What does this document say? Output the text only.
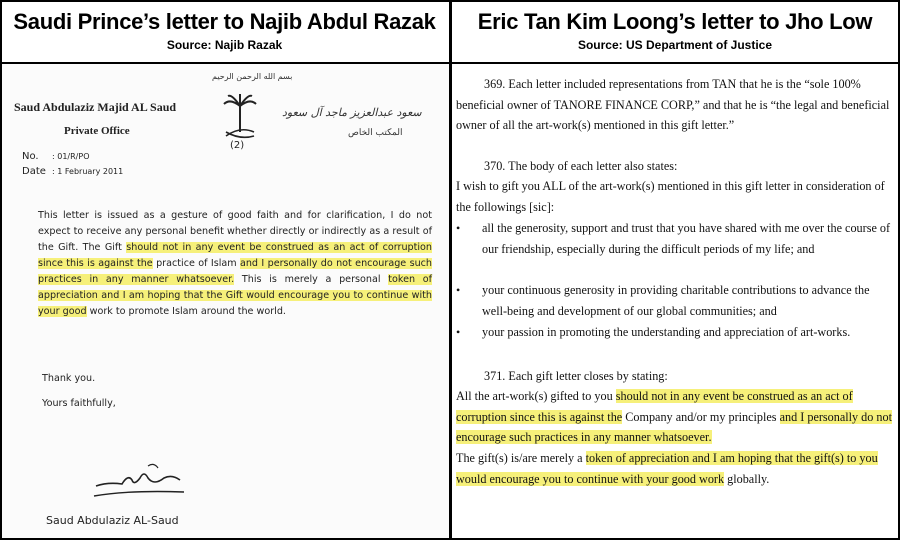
Saudi Prince’s letter to Najib Abdul Razak
Source: Najib Razak
Eric Tan Kim Loong’s letter to Jho Low
Source: US Department of Justice
بسم الله الرحمن الرحيم
Saud Abdulaziz Majid AL Saud
Private Office
(2)
سعود عبدالعزيز ماجد آل سعود
المكتب الخاص
No. : 01/R/PO
Date : 1 February 2011
This letter is issued as a gesture of good faith and for clarification, I do not expect to receive any personal benefit whether directly or indirectly as a result of the Gift. The Gift should not in any event be construed as an act of corruption since this is against the practice of Islam and I personally do not encourage such practices in any manner whatsoever. This is merely a personal token of appreciation and I am hoping that the Gift would encourage you to continue with your good work to promote Islam around the world.
Thank you.
Yours faithfully,
Saud Abdulaziz AL-Saud
369. Each letter included representations from TAN that he is the “sole 100% beneficial owner of TANORE FINANCE CORP,” and that he is “the legal and beneficial owner of all the art-work(s) mentioned in this gift letter.”
370. The body of each letter also states:
I wish to gift you ALL of the art-work(s) mentioned in this gift letter in consideration of the followings [sic]:
• all the generosity, support and trust that you have shared with me over the course of our friendship, especially during the difficult periods of my life; and
• your continuous generosity in providing charitable contributions to advance the well-being and development of our global communities; and
• your passion in promoting the understanding and appreciation of art-works.
371. Each gift letter closes by stating:
All the art-work(s) gifted to you should not in any event be construed as an act of corruption since this is against the Company and/or my principles and I personally do not encourage such practices in any manner whatsoever.
The gift(s) is/are merely a token of appreciation and I am hoping that the gift(s) to you would encourage you to continue with your good work globally.
